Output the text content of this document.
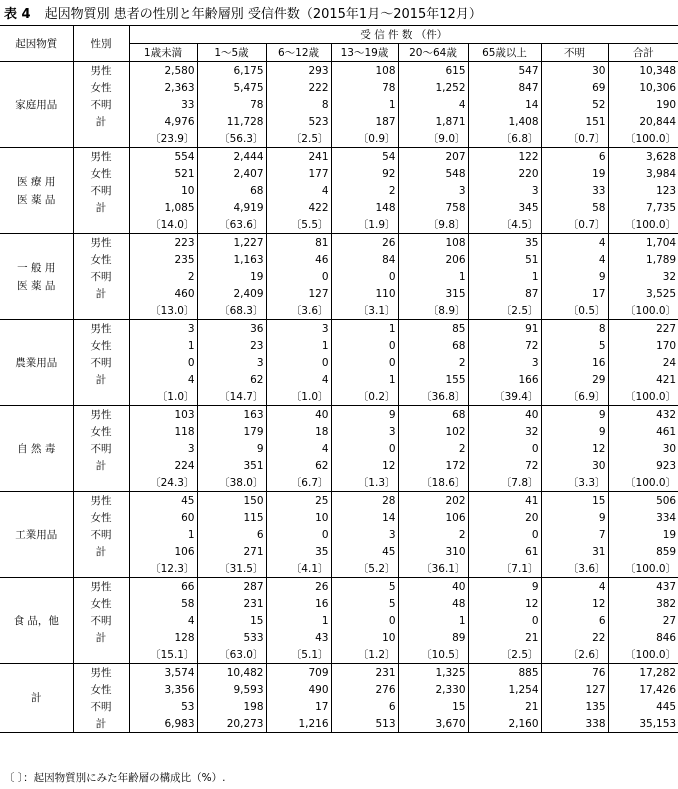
表 4 起因物質別 患者の性別と年齢層別 受信件数（2015年1月～2015年12月）
起因物質	性別	受 信 件 数 （件）							
		1歳未満	1～5歳	6～12歳	13～19歳	20～64歳	65歳以上	不明	合計
家庭用品	男性	2,580	6,175	293	108	615	547	30	10,348
	女性	2,363	5,475	222	78	1,252	847	69	10,306
	不明	33	78	8	1	4	14	52	190
	計	4,976	11,728	523	187	1,871	1,408	151	20,844
		〔23.9〕	〔56.3〕	〔2.5〕	〔0.9〕	〔9.0〕	〔6.8〕	〔0.7〕	〔100.0〕
医 療 用
医 薬 品	男性	554	2,444	241	54	207	122	6	3,628
	女性	521	2,407	177	92	548	220	19	3,984
	不明	10	68	4	2	3	3	33	123
	計	1,085	4,919	422	148	758	345	58	7,735
		〔14.0〕	〔63.6〕	〔5.5〕	〔1.9〕	〔9.8〕	〔4.5〕	〔0.7〕	〔100.0〕
一 般 用
医 薬 品	男性	223	1,227	81	26	108	35	4	1,704
	女性	235	1,163	46	84	206	51	4	1,789
	不明	2	19	0	0	1	1	9	32
	計	460	2,409	127	110	315	87	17	3,525
		〔13.0〕	〔68.3〕	〔3.6〕	〔3.1〕	〔8.9〕	〔2.5〕	〔0.5〕	〔100.0〕
農業用品	男性	3	36	3	1	85	91	8	227
	女性	1	23	1	0	68	72	5	170
	不明	0	3	0	0	2	3	16	24
	計	4	62	4	1	155	166	29	421
		〔1.0〕	〔14.7〕	〔1.0〕	〔0.2〕	〔36.8〕	〔39.4〕	〔6.9〕	〔100.0〕
自 然 毒	男性	103	163	40	9	68	40	9	432
	女性	118	179	18	3	102	32	9	461
	不明	3	9	4	0	2	0	12	30
	計	224	351	62	12	172	72	30	923
		〔24.3〕	〔38.0〕	〔6.7〕	〔1.3〕	〔18.6〕	〔7.8〕	〔3.3〕	〔100.0〕
工業用品	男性	45	150	25	28	202	41	15	506
	女性	60	115	10	14	106	20	9	334
	不明	1	6	0	3	2	0	7	19
	計	106	271	35	45	310	61	31	859
		〔12.3〕	〔31.5〕	〔4.1〕	〔5.2〕	〔36.1〕	〔7.1〕	〔3.6〕	〔100.0〕
食 品，他	男性	66	287	26	5	40	9	4	437
	女性	58	231	16	5	48	12	12	382
	不明	4	15	1	0	1	0	6	27
	計	128	533	43	10	89	21	22	846
		〔15.1〕	〔63.0〕	〔5.1〕	〔1.2〕	〔10.5〕	〔2.5〕	〔2.6〕	〔100.0〕
計	男性	3,574	10,482	709	231	1,325	885	76	17,282
	女性	3,356	9,593	490	276	2,330	1,254	127	17,426
	不明	53	198	17	6	15	21	135	445
	計	6,983	20,273	1,216	513	3,670	2,160	338	35,153
〔 〕：起因物質別にみた年齢層の構成比（%）.
